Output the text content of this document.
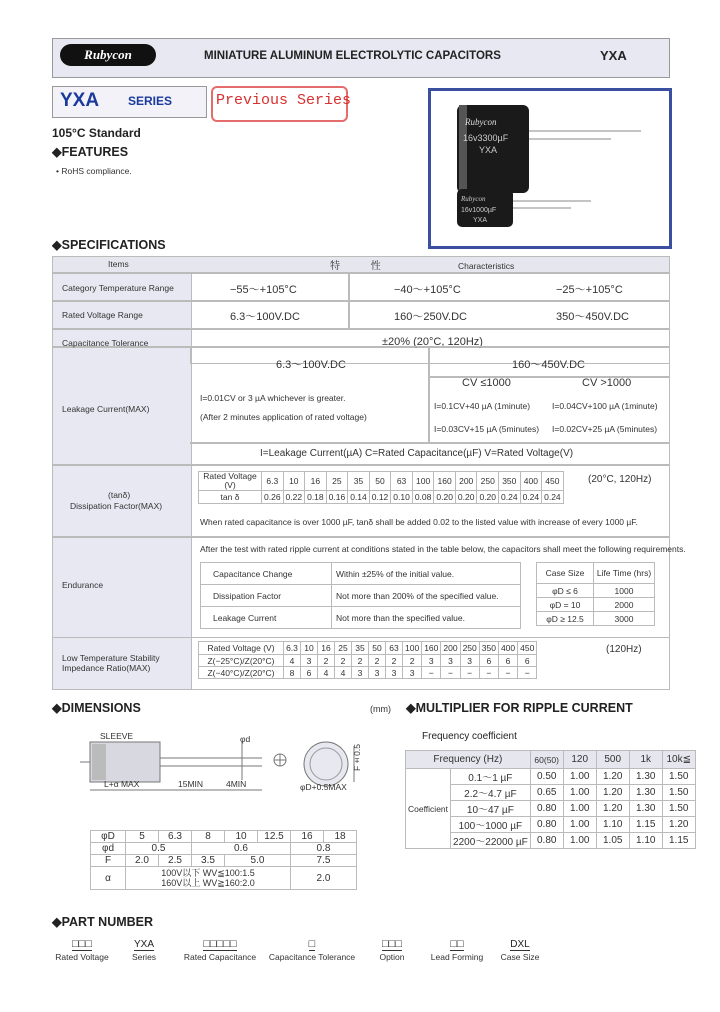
Rubycon	MINIATURE ALUMINUM ELECTROLYTIC CAPACITORS	YXA
YXA SERIES	Previous Series
Rubycon
16v3300µF
YXA
Rubycon
16v1000µF
YXA
105°C Standard
◆FEATURES
• RoHS compliance.
◆SPECIFICATIONS
Items	特 性	Characteristics
Category Temperature Range	−55～+105°C	−40～+105°C	−25～+105°C
Rated Voltage Range	6.3～100V.DC	160～250V.DC	350～450V.DC
Capacitance Tolerance	±20% (20°C, 120Hz)
Leakage Current(MAX)
6.3～100V.DC	160～450V.DC
CV ≤1000	CV >1000
I=0.01CV or 3 µA whichever is greater.
(After 2 minutes application of rated voltage)
I=0.1CV+40 µA (1minute)	I=0.04CV+100 µA (1minute)
I=0.03CV+15 µA (5minutes) I=0.02CV+25 µA (5minutes)
I=Leakage Current(µA) C=Rated Capacitance(µF) V=Rated Voltage(V)
(tanδ)
Dissipation Factor(MAX)
Rated Voltage (V)	6.3	10	16	25	35	50	63	100	160	200	250	350	400	450
tan δ	0.26	0.22	0.18	0.16	0.14	0.12	0.10	0.08	0.20	0.20	0.20	0.24	0.24	0.24
(20°C, 120Hz)
When rated capacitance is over 1000 µF, tanδ shall be added 0.02 to the listed value with increase of every 1000 µF.
Endurance
After the test with rated ripple current at conditions stated in the table below, the capacitors shall meet the following requirements.
Capacitance Change	Within ±25% of the initial value.
Dissipation Factor	Not more than 200% of the specified value.
Leakage Current	Not more than the specified value.
Case Size	Life Time (hrs)
φD ≤ 6	1000
φD = 10	2000
φD ≥ 12.5	3000
Low Temperature Stability
Impedance Ratio(MAX)
Rated Voltage (V)	6.3	10	16	25	35	50	63	100	160	200	250	350	400	450
Z(−25°C)/Z(20°C)	4	3	2	2	2	2	2	2	3	3	3	6	6	6
Z(−40°C)/Z(20°C)	8	6	4	4	3	3	3	3	−	−	−	−	−	−
(120Hz)
◆DIMENSIONS	(mm)
SLEEVE
L+α MAX	15MIN	4MIN	φD+0.5MAX
φd
F±0.5
φD	5	6.3	8	10	12.5	16	18
φd	0.5		0.6			0.8	
F	2.0	2.5	3.5	5.0		7.5	
α	100V以下 WV≦100:1.5
160V以上 WV≧160:2.0					2.0	
◆MULTIPLIER FOR RIPPLE CURRENT
Frequency coefficient
Frequency (Hz)		60(50)	120	500	1k	10k≦
Coefficient	0.1～1 µF	0.50	1.00	1.20	1.30	1.50
	2.2～4.7 µF	0.65	1.00	1.20	1.30	1.50
	10～47 µF	0.80	1.00	1.20	1.30	1.50
	100～1000 µF	0.80	1.00	1.10	1.15	1.20
	2200～22000 µF	0.80	1.00	1.05	1.10	1.15
◆PART NUMBER
□□□
Rated Voltage
YXA
Series
□□□□□
Rated Capacitance
□
Capacitance Tolerance
□□□
Option
□□
Lead Forming
DXL
Case Size
